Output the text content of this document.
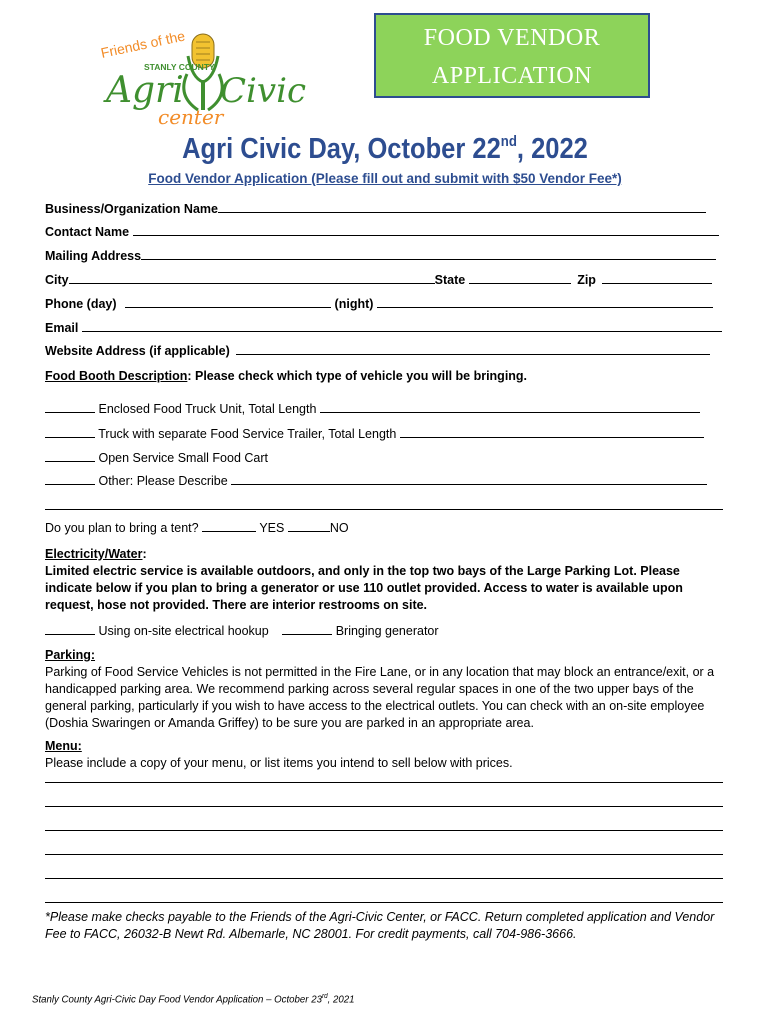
Friends of the
STANLY COUNTY
Agri Civic
center
FOOD VENDOR
APPLICATION
Agri Civic Day, October 22nd, 2022
Food Vendor Application (Please fill out and submit with $50 Vendor Fee*)
Business/Organization Name
Contact Name
Mailing Address
City	State	Zip
Phone (day)	(night)
Email
Website Address (if applicable)
Food Booth Description: Please check which type of vehicle you will be bringing.
Enclosed Food Truck Unit, Total Length
Truck with separate Food Service Trailer, Total Length
Open Service Small Food Cart
Other: Please Describe
Do you plan to bring a tent?	YES	NO
Electricity/Water:
Limited electric service is available outdoors, and only in the top two bays of the Large Parking Lot. Please indicate below if you plan to bring a generator or use 110 outlet provided. Access to water is available upon request, hose not provided. There are interior restrooms on site.
Using on-site electrical hookup	Bringing generator
Parking:
Parking of Food Service Vehicles is not permitted in the Fire Lane, or in any location that may block an entrance/exit, or a handicapped parking area. We recommend parking across several regular spaces in one of the two upper bays of the general parking, particularly if you wish to have access to the electrical outlets. You can check with an on-site employee (Doshia Swaringen or Amanda Griffey) to be sure you are parked in an appropriate area.
Menu:
Please include a copy of your menu, or list items you intend to sell below with prices.
*Please make checks payable to the Friends of the Agri-Civic Center, or FACC. Return completed application and Vendor Fee to FACC, 26032-B Newt Rd. Albemarle, NC 28001. For credit payments, call 704-986-3666.
Stanly County Agri-Civic Day Food Vendor Application – October 23rd, 2021
